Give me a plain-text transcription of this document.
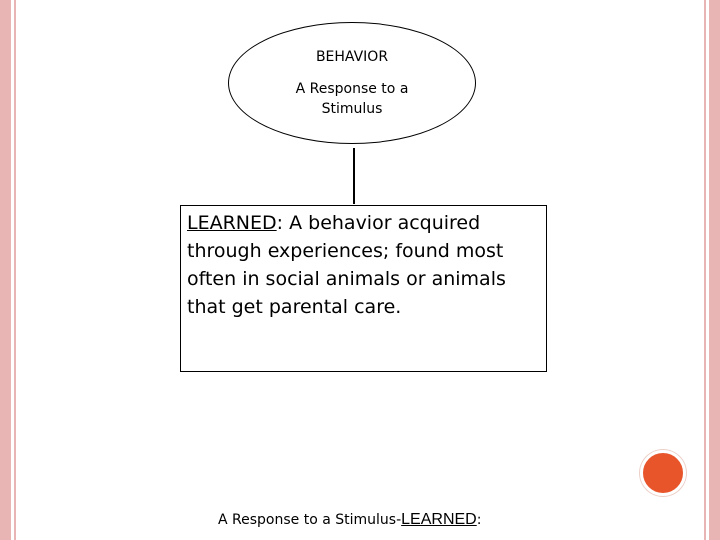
BEHAVIOR
A Response to a Stimulus
LEARNED: A behavior acquired through experiences; found most often in social animals or animals that get parental care.
A Response to a Stimulus-LEARNED:
